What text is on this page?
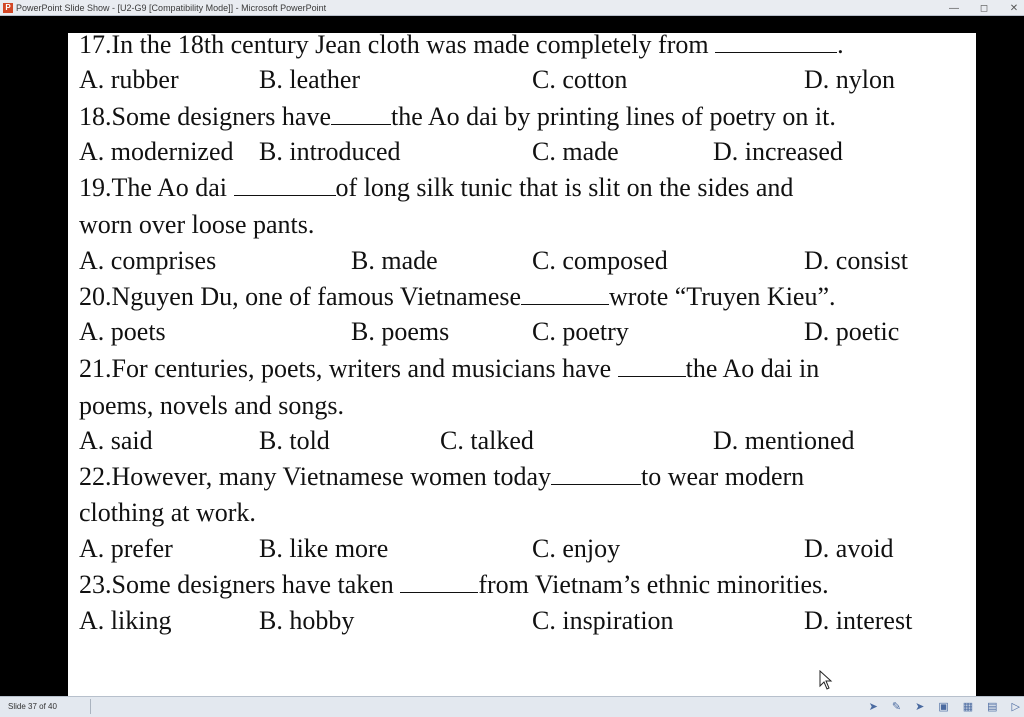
P PowerPoint Slide Show - [U2-G9 [Compatibility Mode]] - Microsoft PowerPoint	— ◻ ✕
17.In the 18th century Jean cloth was made completely from	.
A. rubber	B. leather	C. cotton	D. nylon
18.Some designers have the Ao dai by printing lines of poetry on it.
A. modernized B. introduced	C. made	D. increased
19.The Ao dai	of long silk tunic that is slit on the sides and
worn over loose pants.
A. comprises	B. made	C. composed	D. consist
20.Nguyen Du, one of famous Vietnamese	wrote “Truyen Kieu”.
A. poets	B. poems	C. poetry	D. poetic
21.For centuries, poets, writers and musicians have	the Ao dai in
poems, novels and songs.
A. said	B. told	C. talked	D. mentioned
22.However, many Vietnamese women today	to wear modern
clothing at work.
A. prefer	B. like more	C. enjoy	D. avoid
23.Some designers have taken	from Vietnam’s ethnic minorities.
A. liking	B. hobby	C. inspiration	D. interest
Slide 37 of 40	➤ ✎ ➤ ▣ ▦ ▤ ▷
